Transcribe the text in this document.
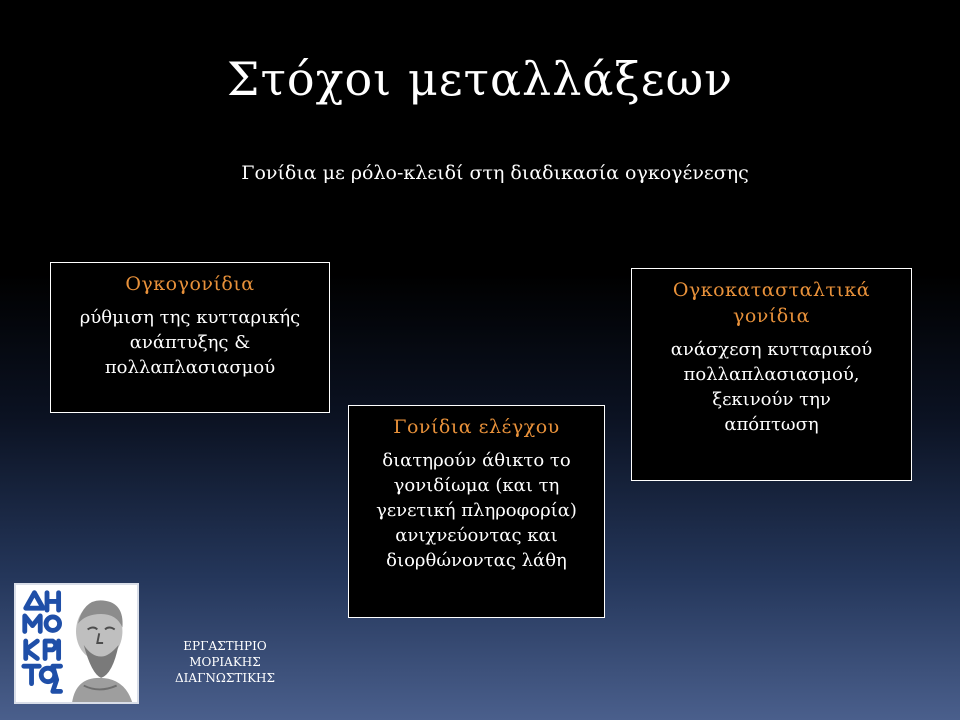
Στόχοι μεταλλάξεων
Γονίδια με ρόλο-κλειδί στη διαδικασία ογκογένεσης
Ογκογονίδια
ρύθμιση της κυτταρικής
ανάπτυξης &
πολλαπλασιασμού
Ογκοκατασταλτικά
γονίδια
ανάσχεση κυτταρικού
πολλαπλασιασμού,
ξεκινούν την
απόπτωση
Γονίδια ελέγχου
διατηρούν άθικτο το
γονιδίωμα (και τη
γενετική πληροφορία)
ανιχνεύοντας και
διορθώνοντας λάθη
ΕΡΓΑΣΤΗΡΙΟ
ΜΟΡΙΑΚΗΣ
ΔΙΑΓΝΩΣΤΙΚΗΣ
